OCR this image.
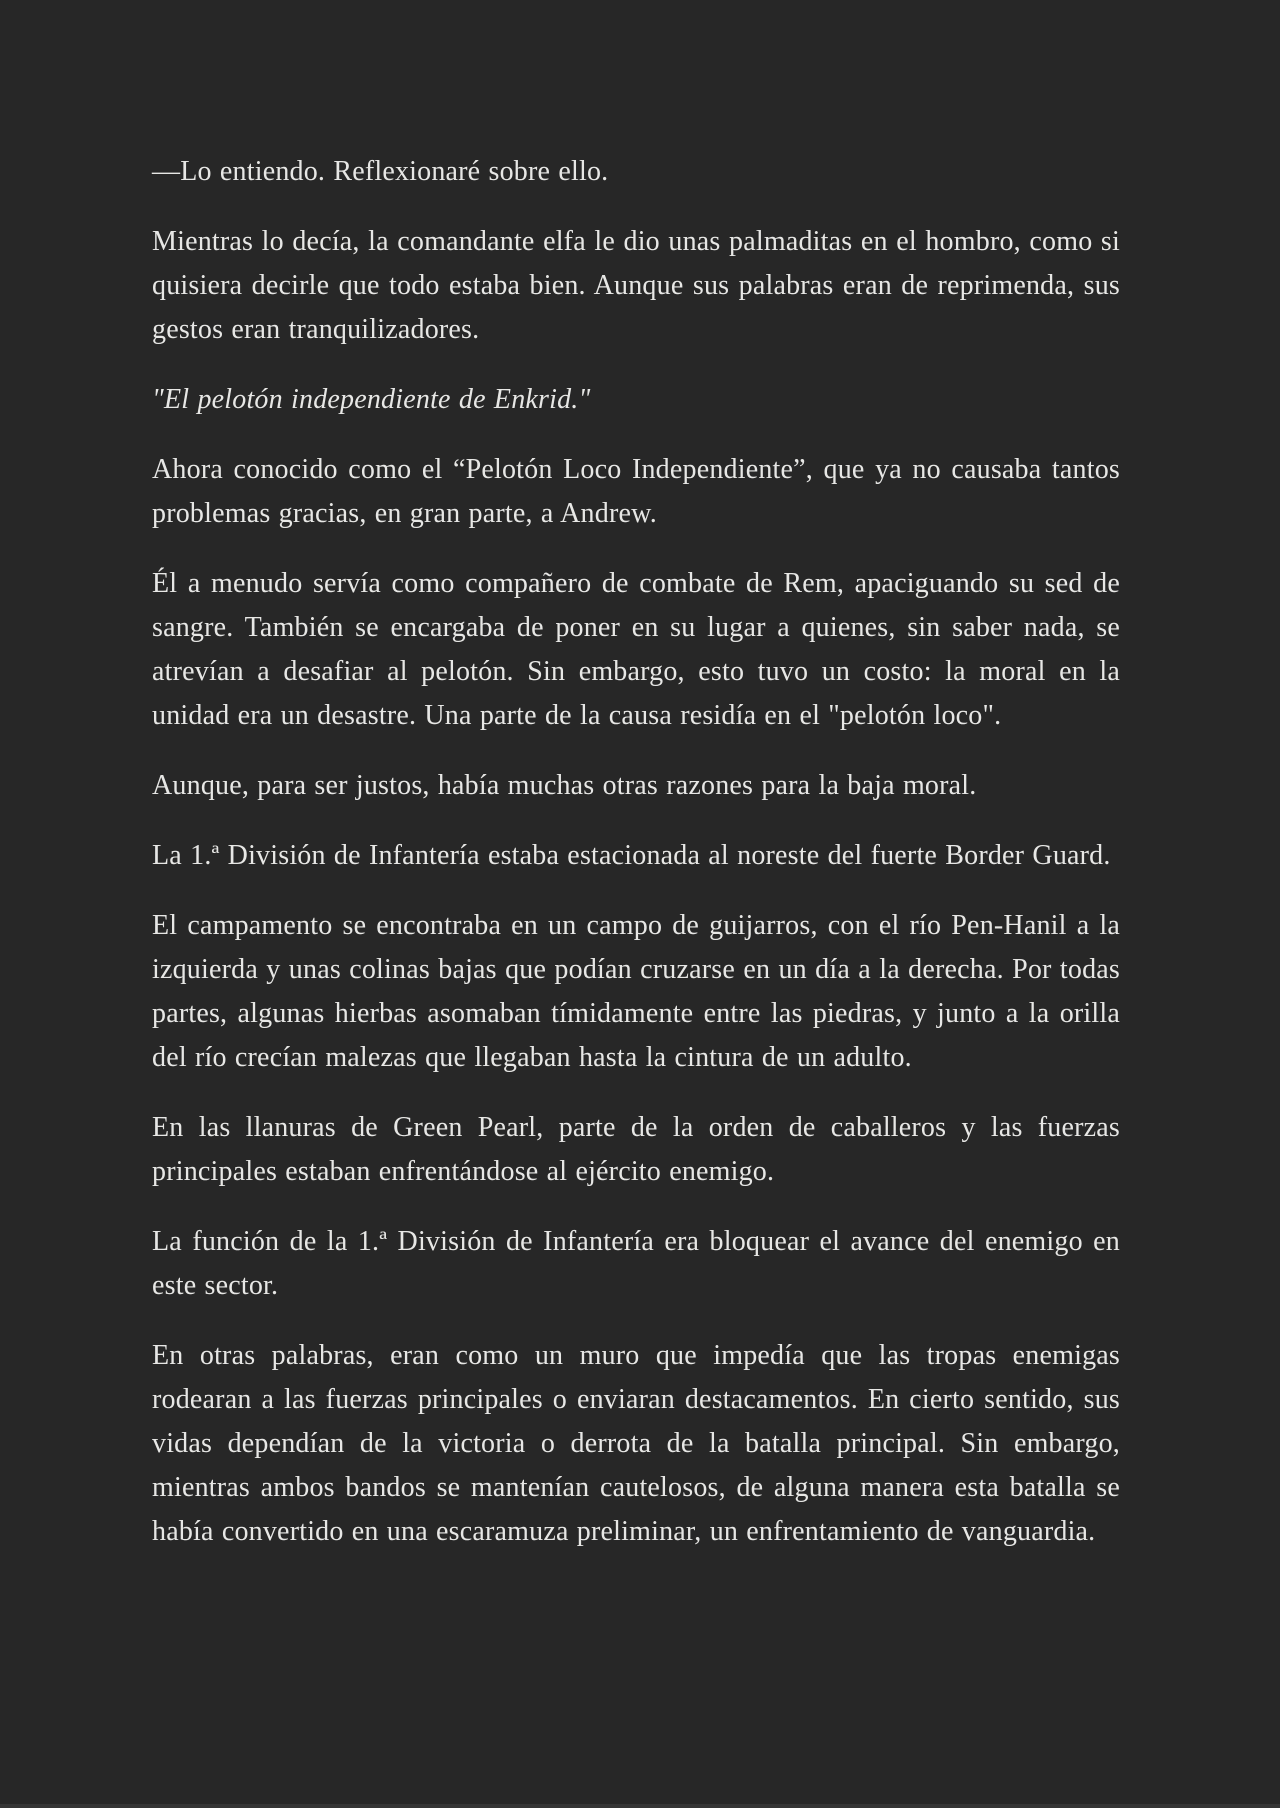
—Lo entiendo. Reflexionaré sobre ello.

Mientras lo decía, la comandante elfa le dio unas palmaditas en el hombro, como si quisiera decirle que todo estaba bien. Aunque sus palabras eran de reprimenda, sus gestos eran tranquilizadores.

"El pelotón independiente de Enkrid."

Ahora conocido como el “Pelotón Loco Independiente”, que ya no causaba tantos problemas gracias, en gran parte, a Andrew.

Él a menudo servía como compañero de combate de Rem, apaciguando su sed de sangre. También se encargaba de poner en su lugar a quienes, sin saber nada, se atrevían a desafiar al pelotón. Sin embargo, esto tuvo un costo: la moral en la unidad era un desastre. Una parte de la causa residía en el "pelotón loco".

Aunque, para ser justos, había muchas otras razones para la baja moral.

La 1.ª División de Infantería estaba estacionada al noreste del fuerte Border Guard.

El campamento se encontraba en un campo de guijarros, con el río Pen-Hanil a la izquierda y unas colinas bajas que podían cruzarse en un día a la derecha. Por todas partes, algunas hierbas asomaban tímidamente entre las piedras, y junto a la orilla del río crecían malezas que llegaban hasta la cintura de un adulto.

En las llanuras de Green Pearl, parte de la orden de caballeros y las fuerzas principales estaban enfrentándose al ejército enemigo.

La función de la 1.ª División de Infantería era bloquear el avance del enemigo en este sector.

En otras palabras, eran como un muro que impedía que las tropas enemigas rodearan a las fuerzas principales o enviaran destacamentos. En cierto sentido, sus vidas dependían de la victoria o derrota de la batalla principal. Sin embargo, mientras ambos bandos se mantenían cautelosos, de alguna manera esta batalla se había convertido en una escaramuza preliminar, un enfrentamiento de vanguardia.
